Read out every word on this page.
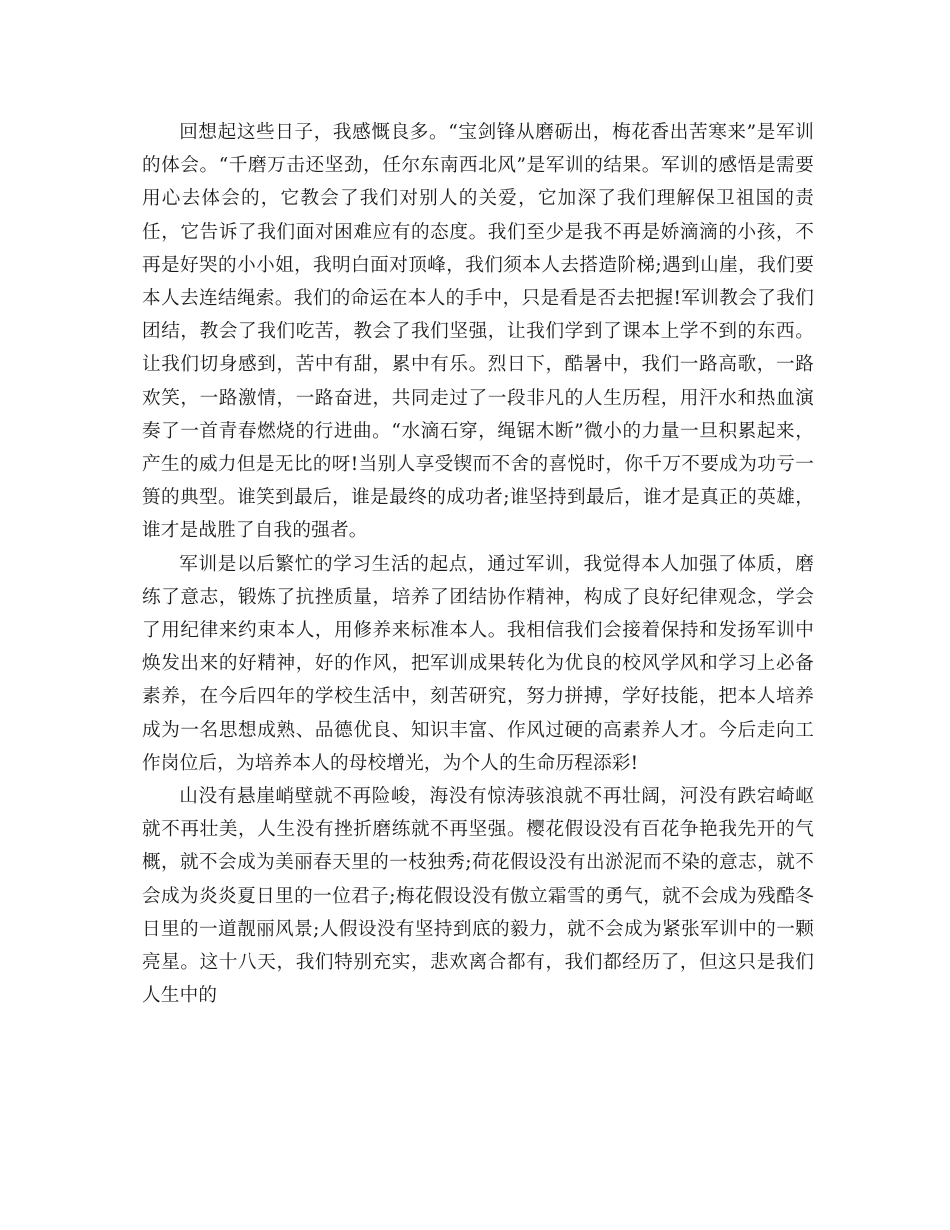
回想起这些日子，我感慨良多。“宝剑锋从磨砺出，梅花香出苦寒来”是军训的体会。“千磨万击还坚劲，任尔东南西北风”是军训的结果。军训的感悟是需要用心去体会的，它教会了我们对别人的关爱，它加深了我们理解保卫祖国的责任，它告诉了我们面对困难应有的态度。我们至少是我不再是娇滴滴的小孩，不再是好哭的小小姐，我明白面对顶峰，我们须本人去搭造阶梯;遇到山崖，我们要本人去连结绳索。我们的命运在本人的手中，只是看是否去把握!军训教会了我们团结，教会了我们吃苦，教会了我们坚强，让我们学到了课本上学不到的东西。让我们切身感到，苦中有甜，累中有乐。烈日下，酷暑中，我们一路高歌，一路欢笑，一路激情，一路奋进，共同走过了一段非凡的人生历程，用汗水和热血演奏了一首青春燃烧的行进曲。“水滴石穿，绳锯木断”微小的力量一旦积累起来，产生的威力但是无比的呀!当别人享受锲而不舍的喜悦时，你千万不要成为功亏一篑的典型。谁笑到最后，谁是最终的成功者;谁坚持到最后，谁才是真正的英雄，谁才是战胜了自我的强者。

军训是以后繁忙的学习生活的起点，通过军训，我觉得本人加强了体质，磨练了意志，锻炼了抗挫质量，培养了团结协作精神，构成了良好纪律观念，学会了用纪律来约束本人，用修养来标准本人。我相信我们会接着保持和发扬军训中焕发出来的好精神，好的作风，把军训成果转化为优良的校风学风和学习上必备素养，在今后四年的学校生活中，刻苦研究，努力拼搏，学好技能，把本人培养成为一名思想成熟、品德优良、知识丰富、作风过硬的高素养人才。今后走向工作岗位后，为培养本人的母校增光，为个人的生命历程添彩!

山没有悬崖峭壁就不再险峻，海没有惊涛骇浪就不再壮阔，河没有跌宕崎岖就不再壮美，人生没有挫折磨练就不再坚强。樱花假设没有百花争艳我先开的气概，就不会成为美丽春天里的一枝独秀;荷花假设没有出淤泥而不染的意志，就不会成为炎炎夏日里的一位君子;梅花假设没有傲立霜雪的勇气，就不会成为残酷冬日里的一道靓丽风景;人假设没有坚持到底的毅力，就不会成为紧张军训中的一颗亮星。这十八天，我们特别充实，悲欢离合都有，我们都经历了，但这只是我们人生中的
